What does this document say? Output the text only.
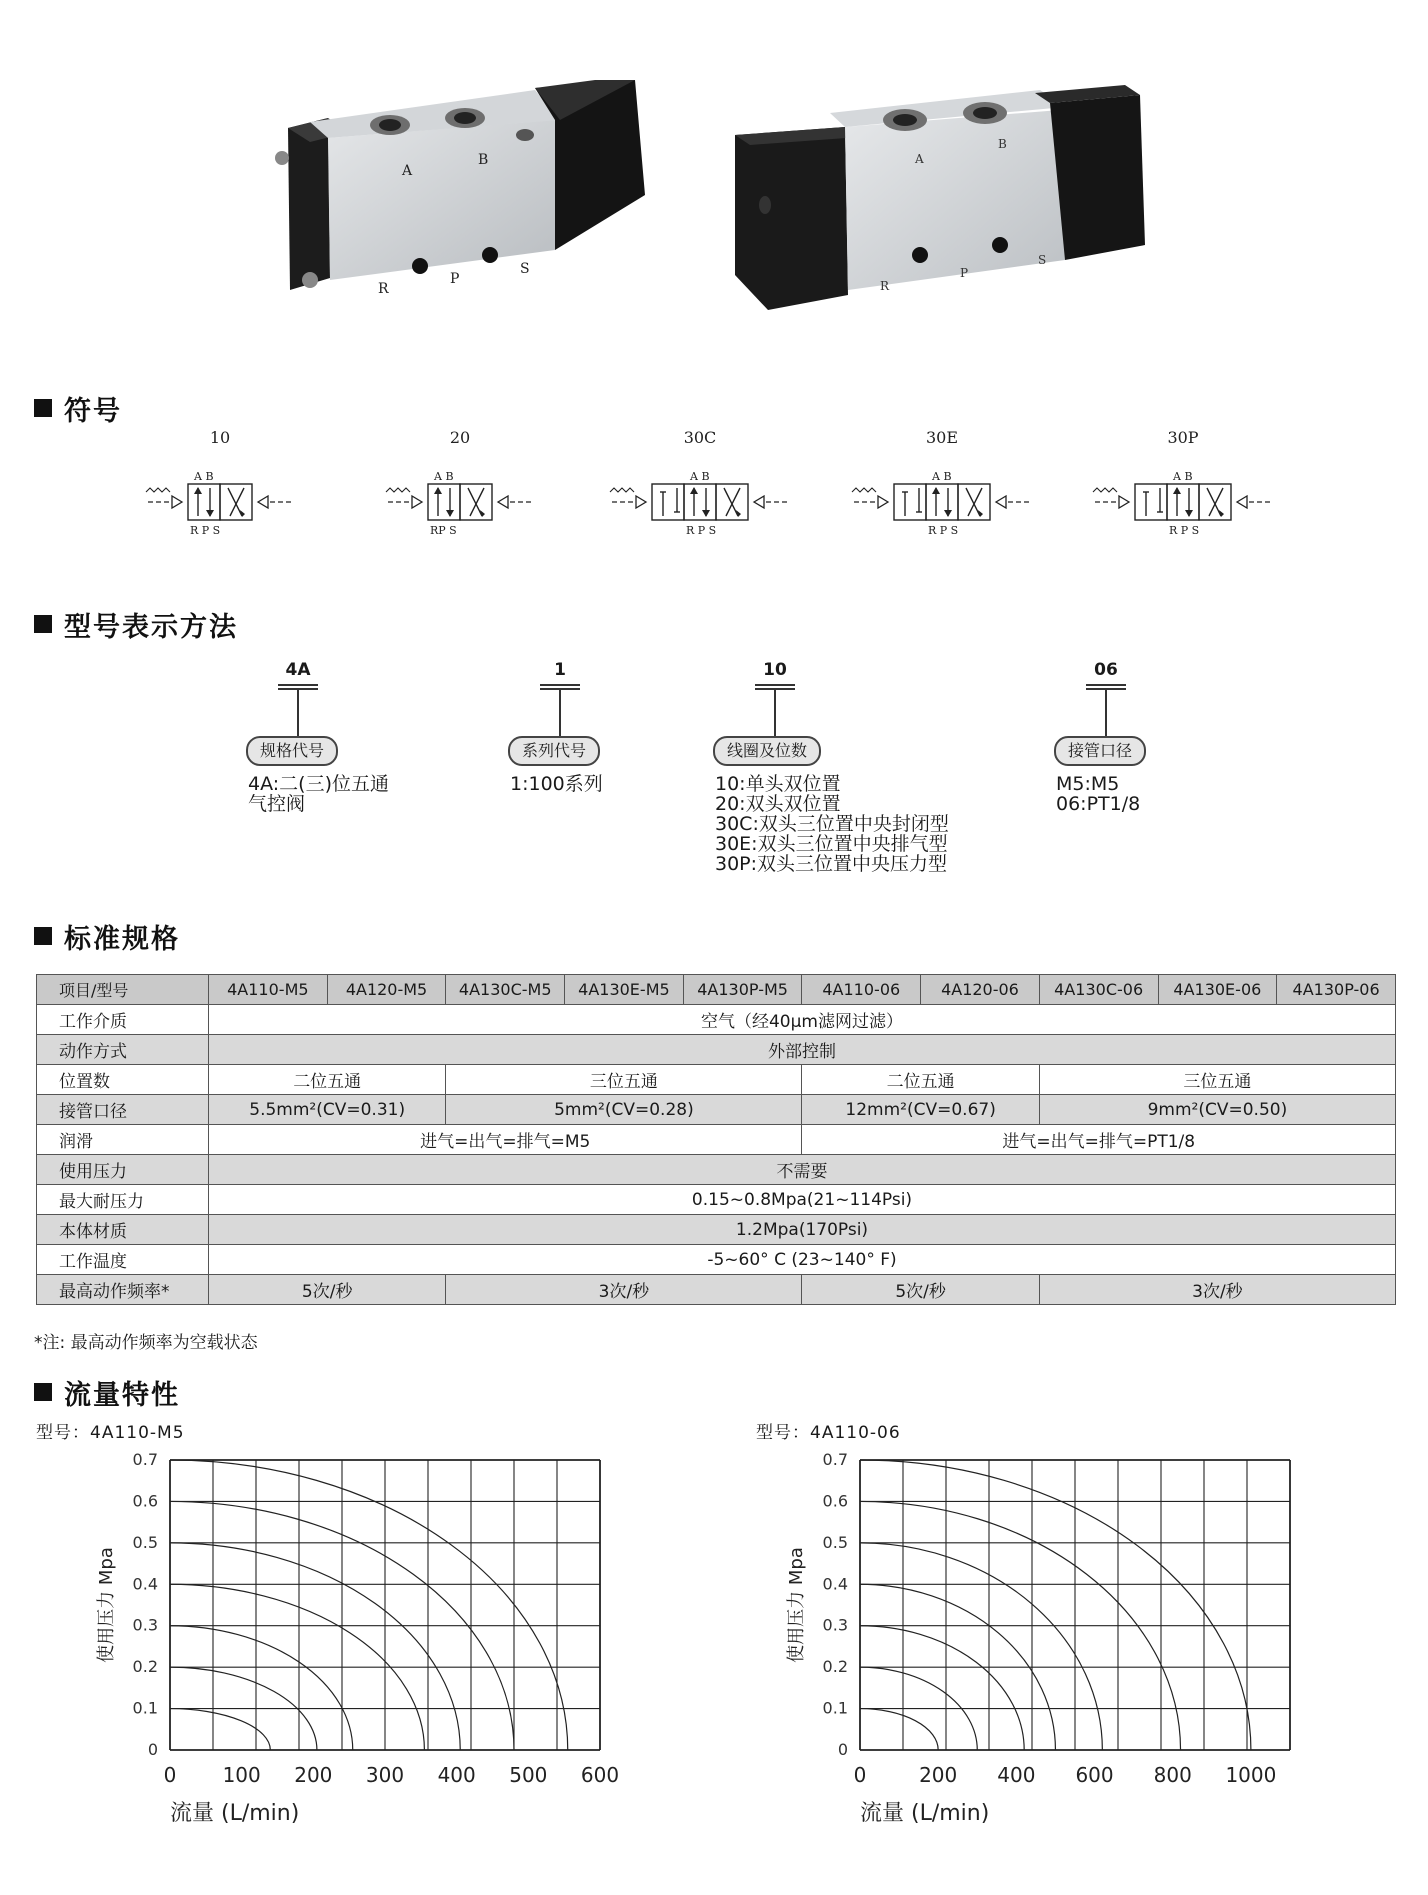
A
B
R
P
S
A
B
R
P
S
符号
10
A B
R P S
20
A B
RP S
30C
A B
R P S
30E
A B
R P S
30P
A B
R P S
型号表示方法
4A
规格代号
4A:二(三)位五通
气控阀
1
系列代号
1:100系列
10
线圈及位数
10:单头双位置
20:双头双位置
30C:双头三位置中央封闭型
30E:双头三位置中央排气型
30P:双头三位置中央压力型
06
接管口径
M5:M5
06:PT1/8
标准规格
项目/型号	4A110-M5	4A120-M5	4A130C-M5	4A130E-M5	4A130P-M5	4A110-06	4A120-06	4A130C-06	4A130E-06	4A130P-06
工作介质	空气（经40μm滤网过滤）									
动作方式	外部控制									
位置数	二位五通		三位五通			二位五通		三位五通		
接管口径	5.5mm²(CV=0.31)		5mm²(CV=0.28)			12mm²(CV=0.67)		9mm²(CV=0.50)		
润滑	进气=出气=排气=M5					进气=出气=排气=PT1/8				
使用压力	不需要									
最大耐压力	0.15~0.8Mpa(21~114Psi)									
本体材质	1.2Mpa(170Psi)									
工作温度	-5~60° C (23~140° F)									
最高动作频率*	5次/秒		3次/秒			5次/秒		3次/秒		
*注: 最高动作频率为空载状态
流量特性
型号：4A110-M5	型号：4A110-06
0
0.1
0.2
0.3
0.4
0.5
0.6
0.7
0 100 200 300 400 500 600
流量 (L/min)
使用压力 Mpa
0
0.1
0.2
0.3
0.4
0.5
0.6
0.7
0	200 400 600 800 1000
流量 (L/min)
使用压力 Mpa
